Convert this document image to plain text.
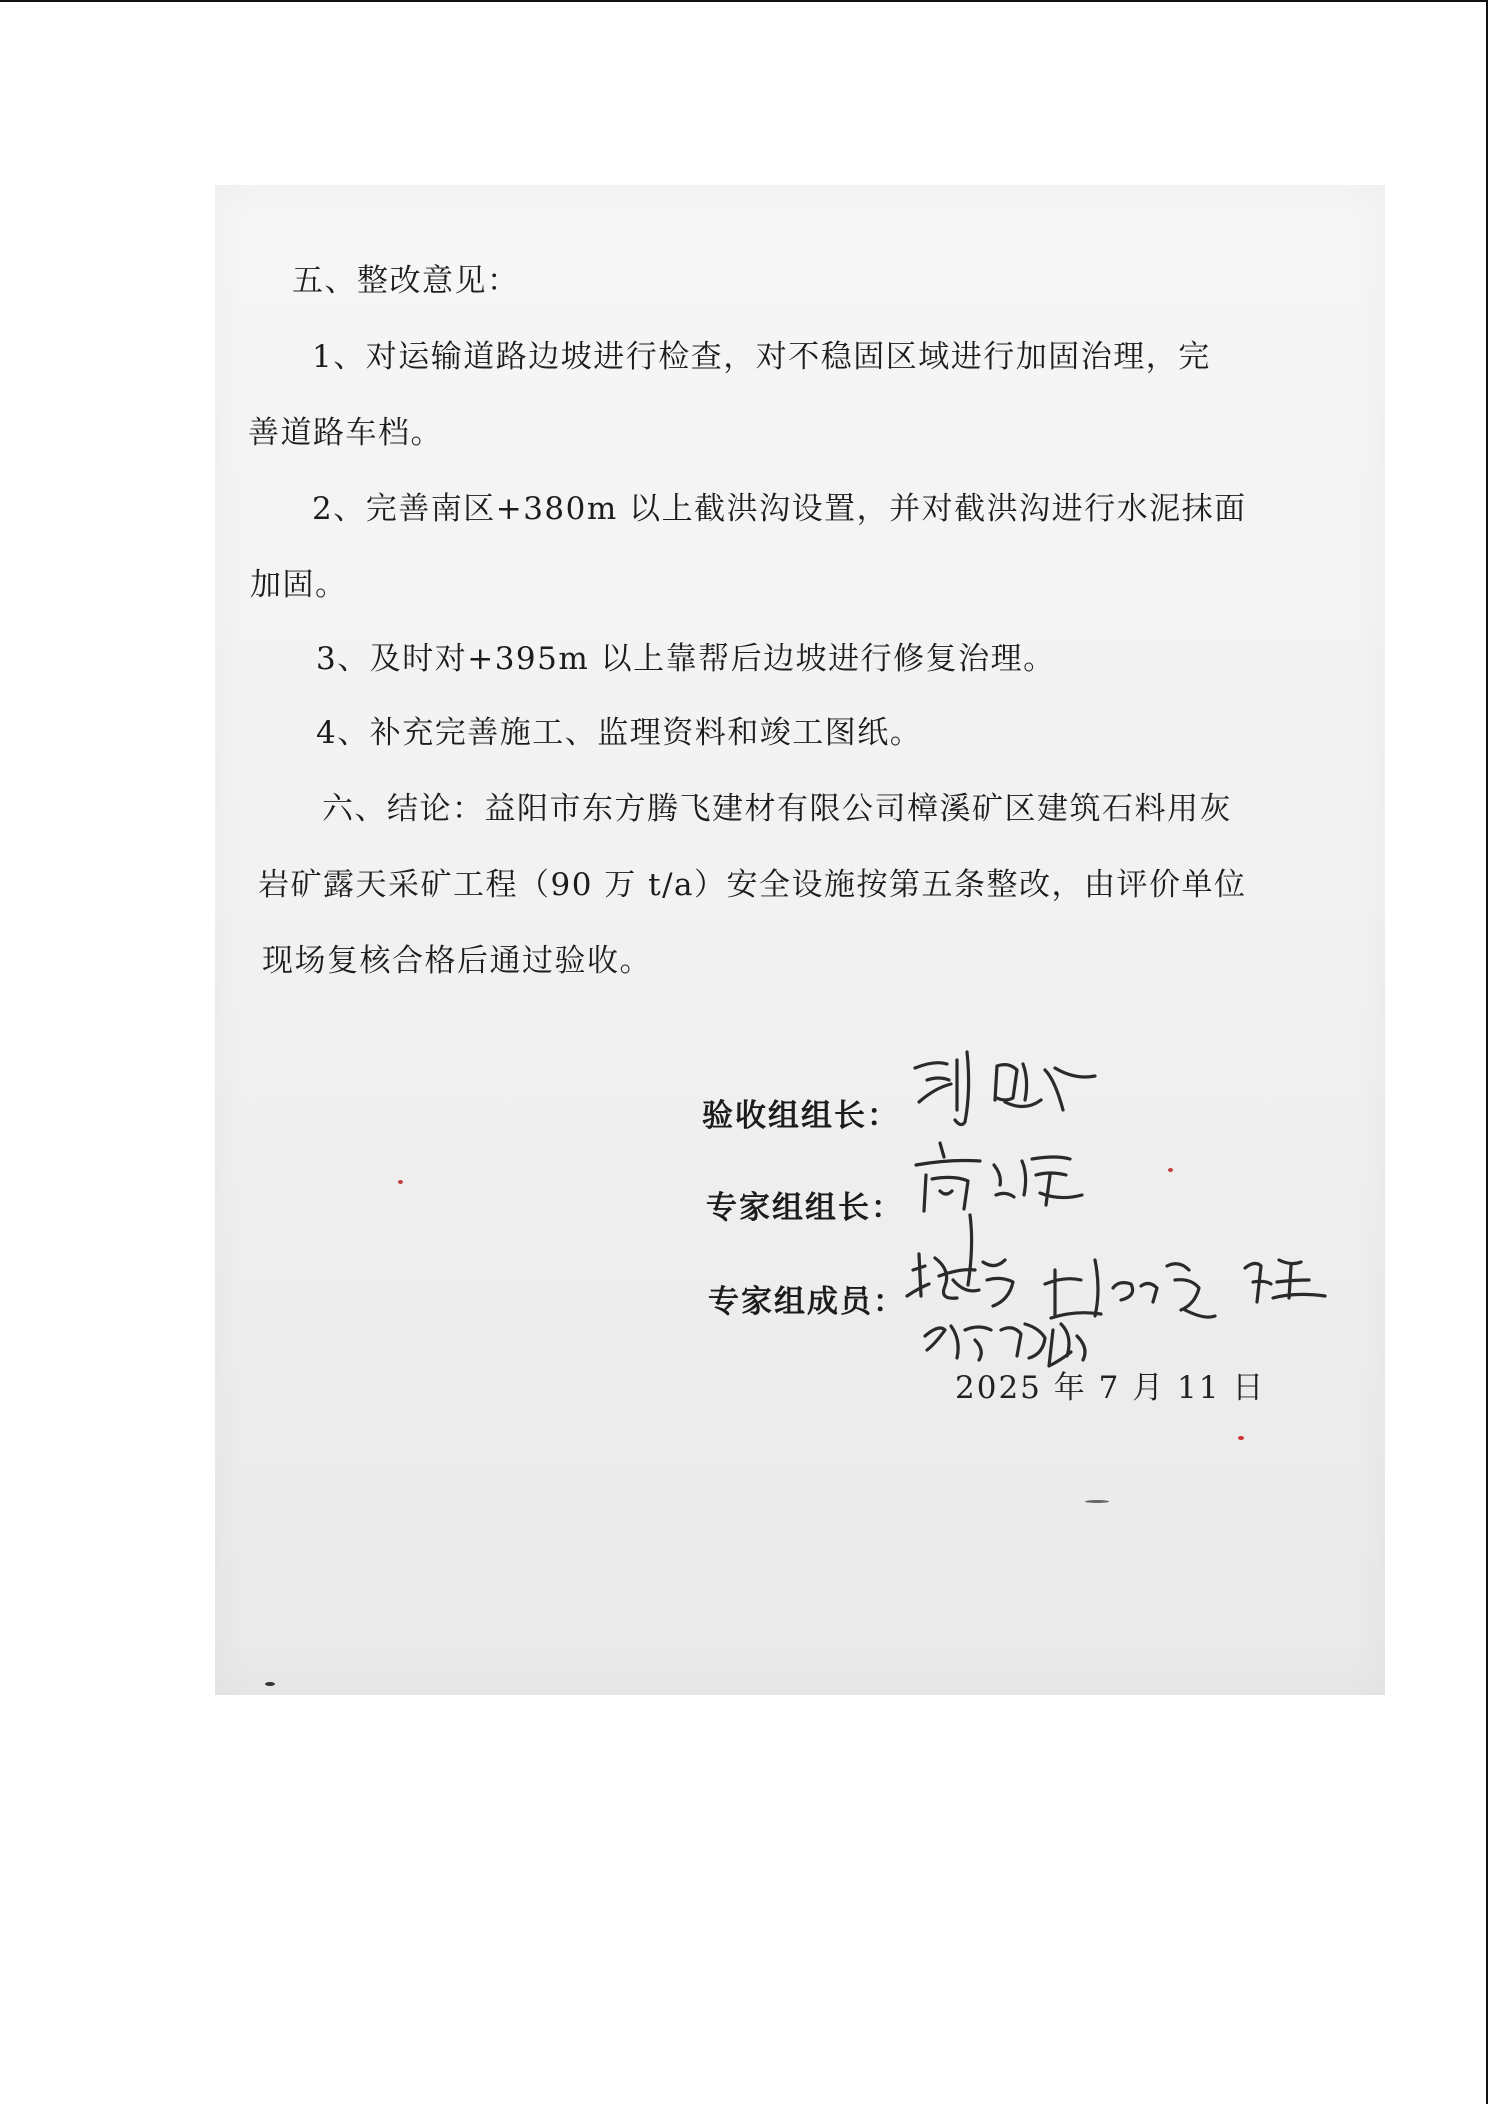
五、整改意见：
1、对运输道路边坡进行检查，对不稳固区域进行加固治理，完
善道路车档。
2、完善南区+380m 以上截洪沟设置，并对截洪沟进行水泥抹面
加固。
3、及时对+395m 以上靠帮后边坡进行修复治理。
4、补充完善施工、监理资料和竣工图纸。
六、结论：益阳市东方腾飞建材有限公司樟溪矿区建筑石料用灰
岩矿露天采矿工程（90 万 t/a）安全设施按第五条整改，由评价单位
现场复核合格后通过验收。
验收组组长：
专家组组长：
专家组成员：
2025 年 7 月 11 日
